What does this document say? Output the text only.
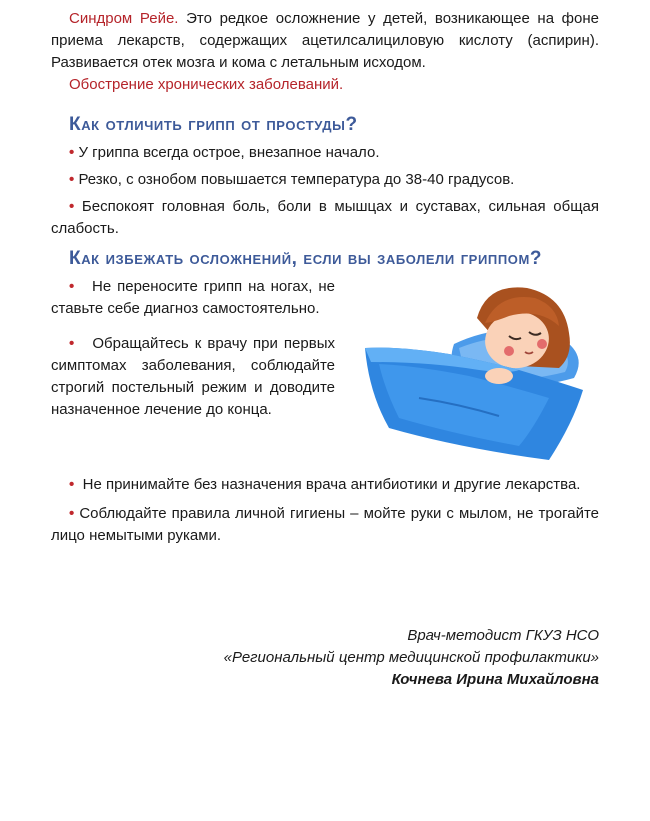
Синдром Рейе. Это редкое осложнение у детей, возникающее на фоне приема лекарств, содержащих ацетилсалициловую кислоту (аспирин). Развивается отек мозга и кома с летальным исходом.

Обострение хронических заболеваний.

Как отличить грипп от простуды?

• У гриппа всегда острое, внезапное начало.

• Резко, с ознобом повышается температура до 38-40 градусов.

• Беспокоят головная боль, боли в мышцах и суставах, сильная общая слабость.

Как избежать осложнений, если вы заболели гриппом?

• Не переносите грипп на ногах, не ставьте себе диагноз самостоятельно.

• Обращайтесь к врачу при первых симптомах заболевания, соблюдайте строгий постельный режим и доводите назначенное лечение до конца.

• Не принимайте без назначения врача антибиотики и другие лекарства.

• Соблюдайте правила личной гигиены – мойте руки с мылом, не трогайте лицо немытыми руками.

Врач-методист ГКУЗ НСО
«Региональный центр медицинской профилактики»
Кочнева Ирина Михайловна
